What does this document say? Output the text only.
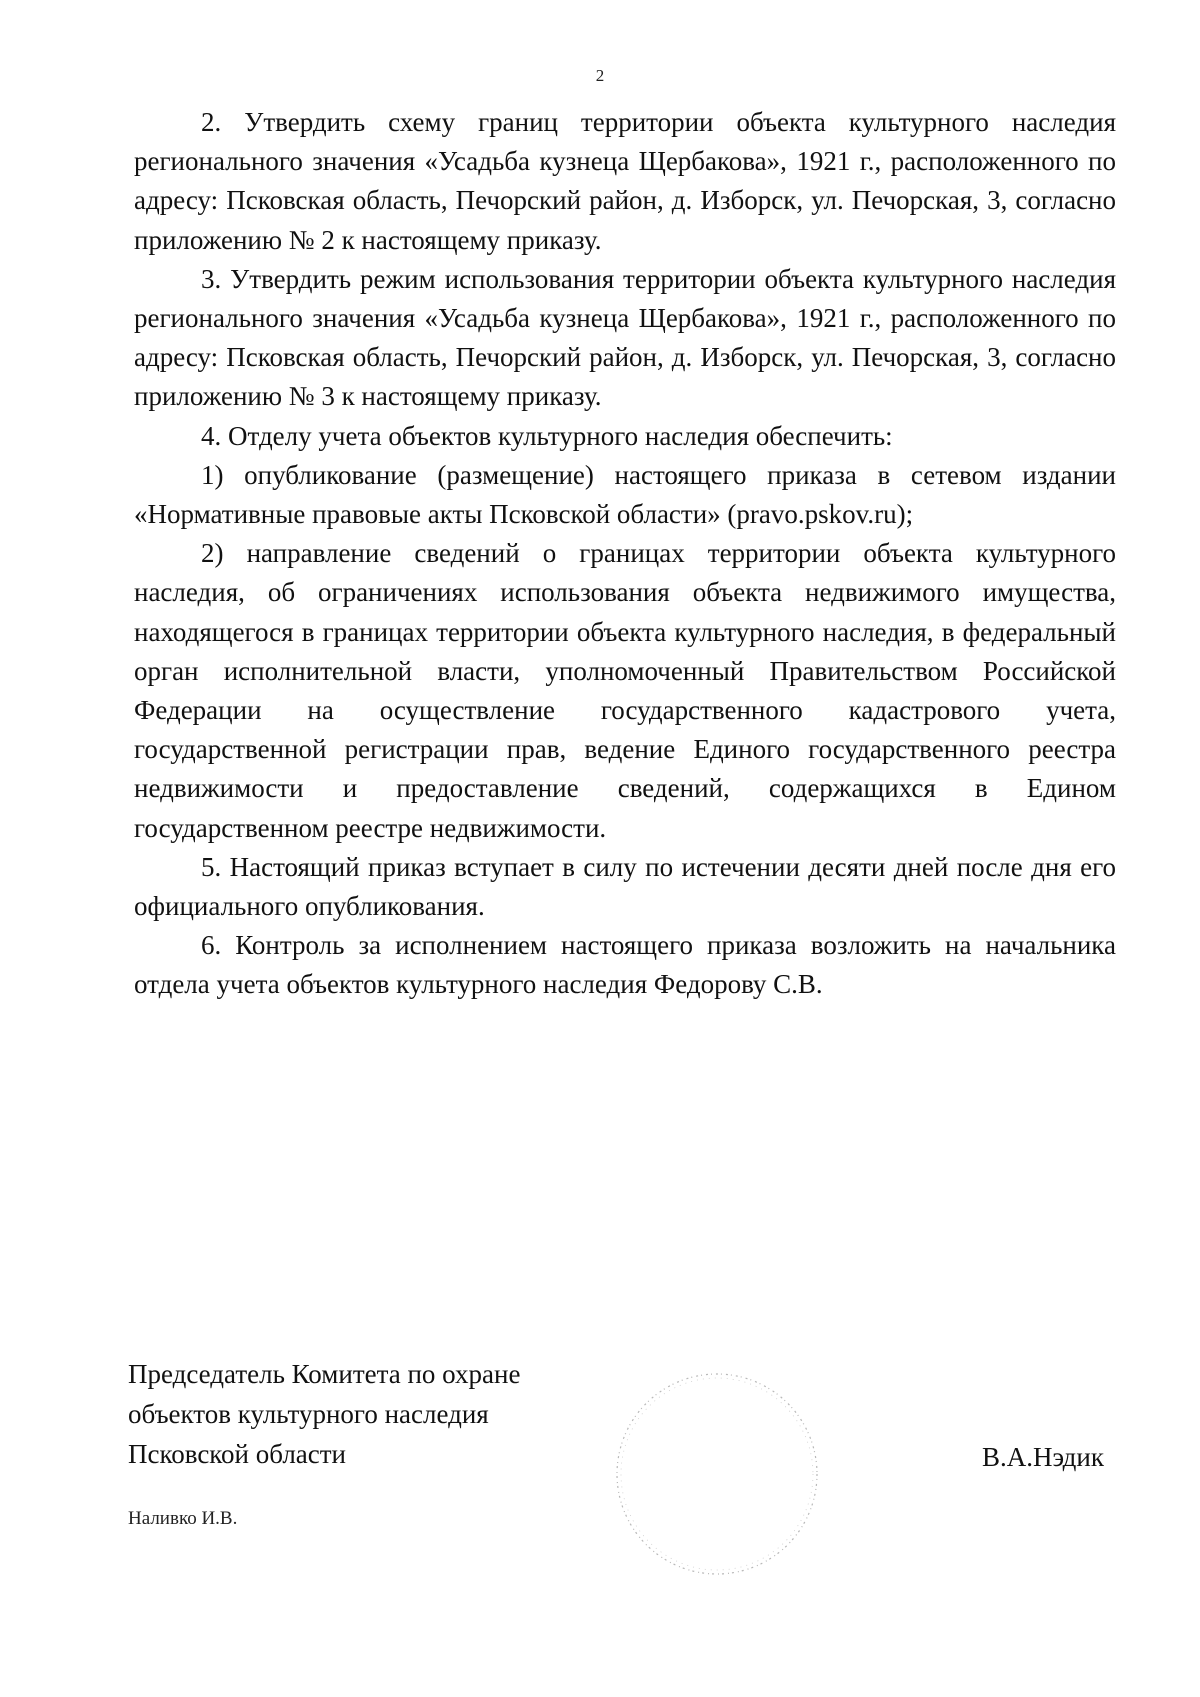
2

2. Утвердить схему границ территории объекта культурного наследия регионального значения «Усадьба кузнеца Щербакова», 1921 г., расположенного по адресу: Псковская область, Печорский район, д. Изборск, ул. Печорская, 3, согласно приложению № 2 к настоящему приказу.

3. Утвердить режим использования территории объекта культурного наследия регионального значения «Усадьба кузнеца Щербакова», 1921 г., расположенного по адресу: Псковская область, Печорский район, д. Изборск, ул. Печорская, 3, согласно приложению № 3 к настоящему приказу.

4. Отделу учета объектов культурного наследия обеспечить:

1) опубликование (размещение) настоящего приказа в сетевом издании «Нормативные правовые акты Псковской области» (pravo.pskov.ru);

2) направление сведений о границах территории объекта культурного наследия, об ограничениях использования объекта недвижимого имущества, находящегося в границах территории объекта культурного наследия, в федеральный орган исполнительной власти, уполномоченный Правительством Российской Федерации на осуществление государственного кадастрового учета, государственной регистрации прав, ведение Единого государственного реестра недвижимости и предоставление сведений, содержащихся в Едином государственном реестре недвижимости.

5. Настоящий приказ вступает в силу по истечении десяти дней после дня его официального опубликования.

6. Контроль за исполнением настоящего приказа возложить на начальника отдела учета объектов культурного наследия Федорову С.В.

Председатель Комитета по охране
объектов культурного наследия
Псковской области	В.А.Нэдик
Наливко И.В.
